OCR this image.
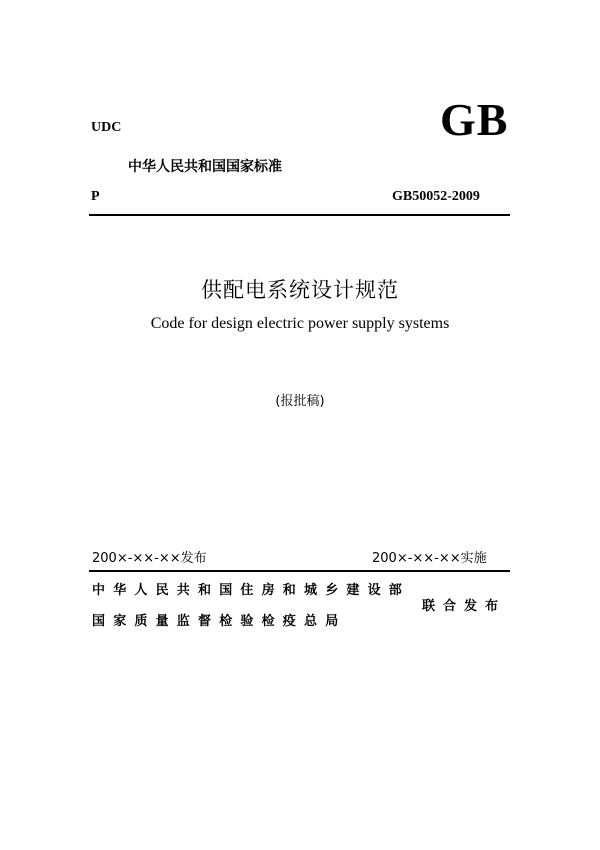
UDC	GB
中华人民共和国国家标准
P	GB50052-2009
供配电系统设计规范
Code for design electric power supply systems
(报批稿)
200×-××-××发布	200×-××-××实施
中华人民共和国住房和城乡建设部
国家质量监督检验检疫总局
联合发布
